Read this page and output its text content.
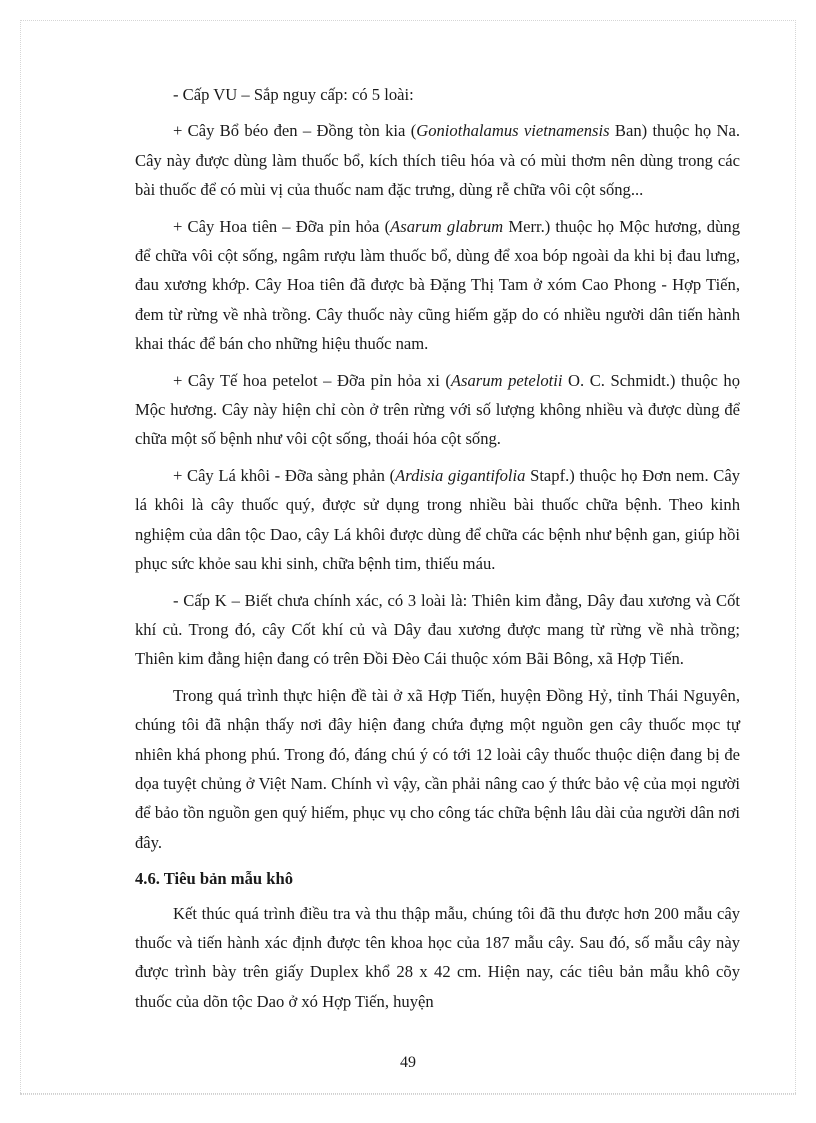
- Cấp VU – Sắp nguy cấp: có 5 loài:

+ Cây Bổ béo đen – Đồng tòn kia (Goniothalamus vietnamensis Ban) thuộc họ Na. Cây này được dùng làm thuốc bổ, kích thích tiêu hóa và có mùi thơm nên dùng trong các bài thuốc để có mùi vị của thuốc nam đặc trưng, dùng rễ chữa vôi cột sống...

+ Cây Hoa tiên – Đỡa pỉn hỏa (Asarum glabrum Merr.) thuộc họ Mộc hương, dùng để chữa vôi cột sống, ngâm rượu làm thuốc bổ, dùng để xoa bóp ngoài da khi bị đau lưng, đau xương khớp. Cây Hoa tiên đã được bà Đặng Thị Tam ở xóm Cao Phong - Hợp Tiến, đem từ rừng về nhà trồng. Cây thuốc này cũng hiếm gặp do có nhiều người dân tiến hành khai thác để bán cho những hiệu thuốc nam.

+ Cây Tế hoa petelot – Đỡa pỉn hỏa xi (Asarum petelotii O. C. Schmidt.) thuộc họ Mộc hương. Cây này hiện chỉ còn ở trên rừng với số lượng không nhiều và được dùng để chữa một số bệnh như vôi cột sống, thoái hóa cột sống.

+ Cây Lá khôi - Đỡa sàng phản (Ardisia gigantifolia Stapf.) thuộc họ Đơn nem. Cây lá khôi là cây thuốc quý, được sử dụng trong nhiều bài thuốc chữa bệnh. Theo kinh nghiệm của dân tộc Dao, cây Lá khôi được dùng để chữa các bệnh như bệnh gan, giúp hồi phục sức khỏe sau khi sinh, chữa bệnh tim, thiếu máu.

- Cấp K – Biết chưa chính xác, có 3 loài là: Thiên kim đằng, Dây đau xương và Cốt khí củ. Trong đó, cây Cốt khí củ và Dây đau xương được mang từ rừng về nhà trồng; Thiên kim đằng hiện đang có trên Đồi Đèo Cái thuộc xóm Bãi Bông, xã Hợp Tiến.

Trong quá trình thực hiện đề tài ở xã Hợp Tiến, huyện Đồng Hỷ, tỉnh Thái Nguyên, chúng tôi đã nhận thấy nơi đây hiện đang chứa đựng một nguồn gen cây thuốc mọc tự nhiên khá phong phú. Trong đó, đáng chú ý có tới 12 loài cây thuốc thuộc diện đang bị đe dọa tuyệt chủng ở Việt Nam. Chính vì vậy, cần phải nâng cao ý thức bảo vệ của mọi người để bảo tồn nguồn gen quý hiếm, phục vụ cho công tác chữa bệnh lâu dài của người dân nơi đây.

4.6. Tiêu bản mẫu khô

Kết thúc quá trình điều tra và thu thập mẫu, chúng tôi đã thu được hơn 200 mẫu cây thuốc và tiến hành xác định được tên khoa học của 187 mẫu cây. Sau đó, số mẫu cây này được trình bày trên giấy Duplex khổ 28 x 42 cm. Hiện nay, các tiêu bản mẫu khô cõy thuốc của dõn tộc Dao ở xó Hợp Tiến, huyện

49
